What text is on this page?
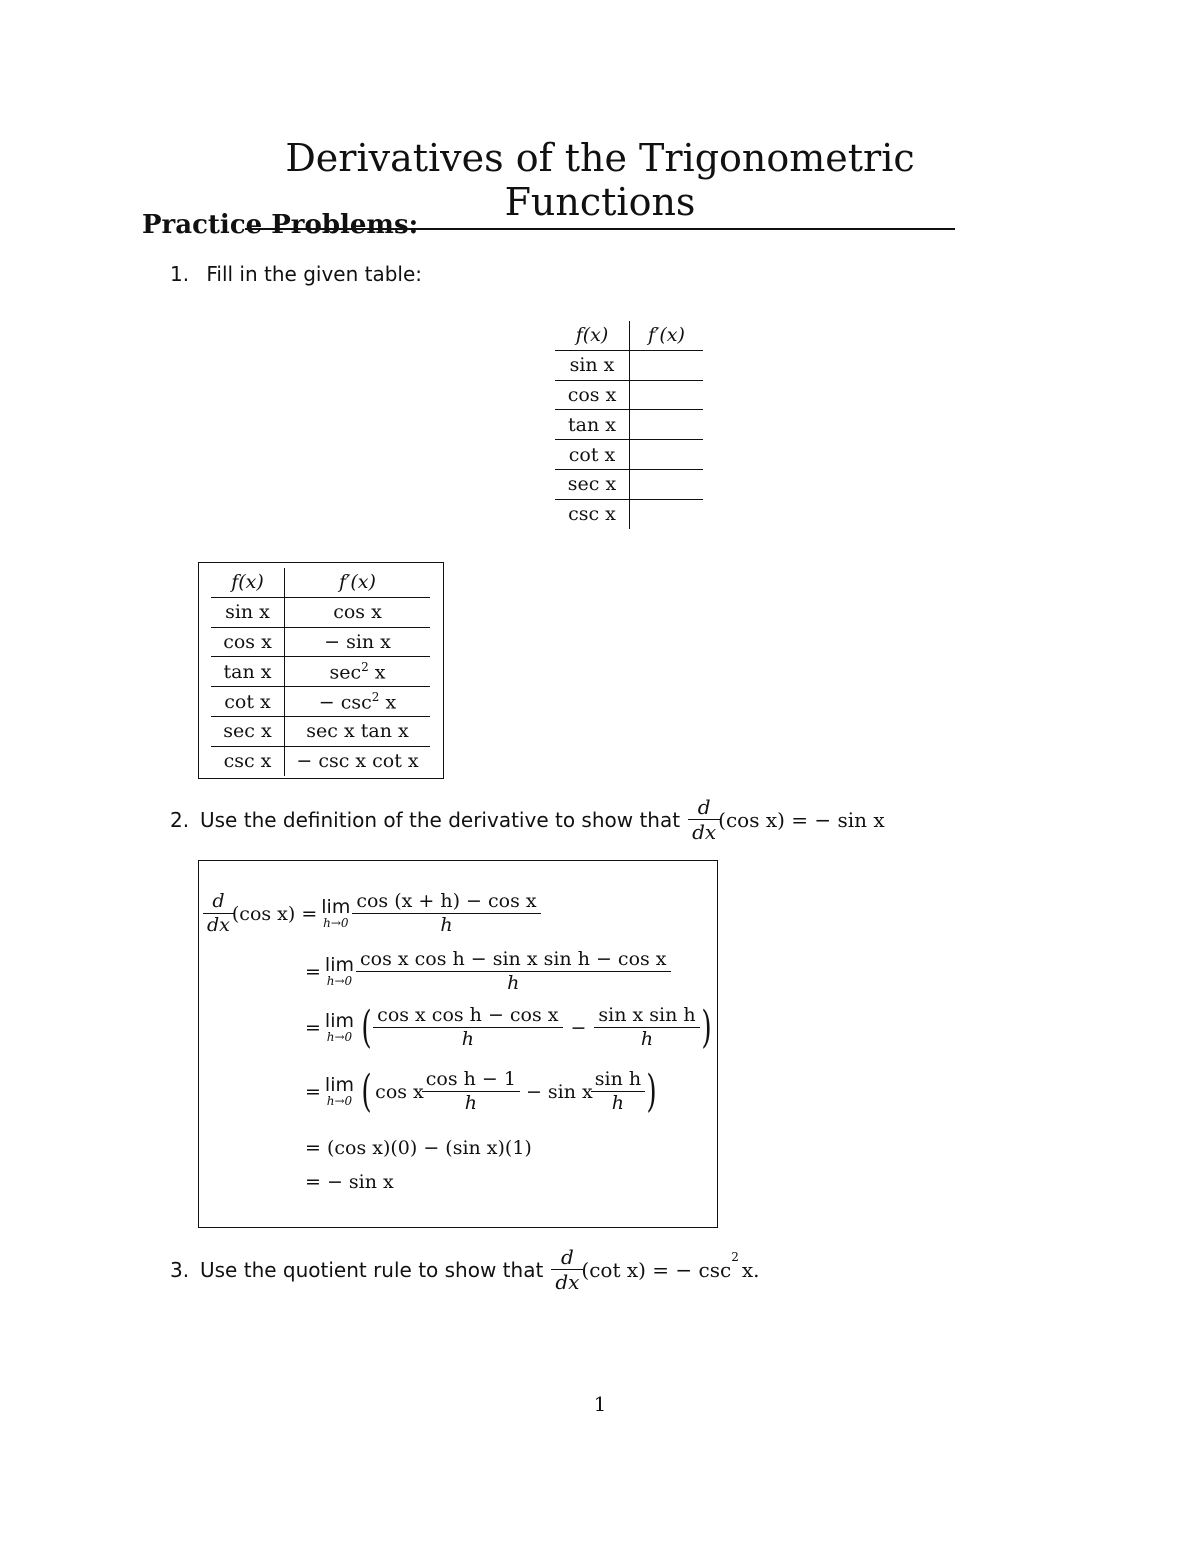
Derivatives of the Trigonometric Functions
Practice Problems:
1. Fill in the given table:
f(x)	f′(x)
sin x	
cos x	
tan x	
cot x	
sec x	
csc x	
f(x)	f′(x)
sin x	cos x
cos x	− sin x
tan x	$\sec^2 x$
cot x	− $\csc^2 x$
sec x	sec x tan x
csc x	− csc x cot x
2. Use the definition of the derivative to show that $\frac{d}{dx} (\cos$ x) = − sin x
$\frac{d}{dx} (\cos$ x) = lim
$h\to 0 \frac{\text{cos (x + h) − cos x}}{h}$
= lim
$h\to 0 \frac{\text{cos x cos h − sin x sin h − cos x}}{h}$
= lim
h→0 ( $\frac{\text{cos x cos h − cos x}}{h} - \frac{\text{sin x sin h}}{h}$ )
= lim
h→0 ( cos x $\frac{\text{cos h − 1}}{h} - \sin x \frac{\text{sin h}}{h}$ )
= (cos x)(0) − (sin x)(1)
= − sin x
3. Use the quotient rule to show that $\frac{d}{dx} (\cot$ x) = − csc
$^2$
x.
1
